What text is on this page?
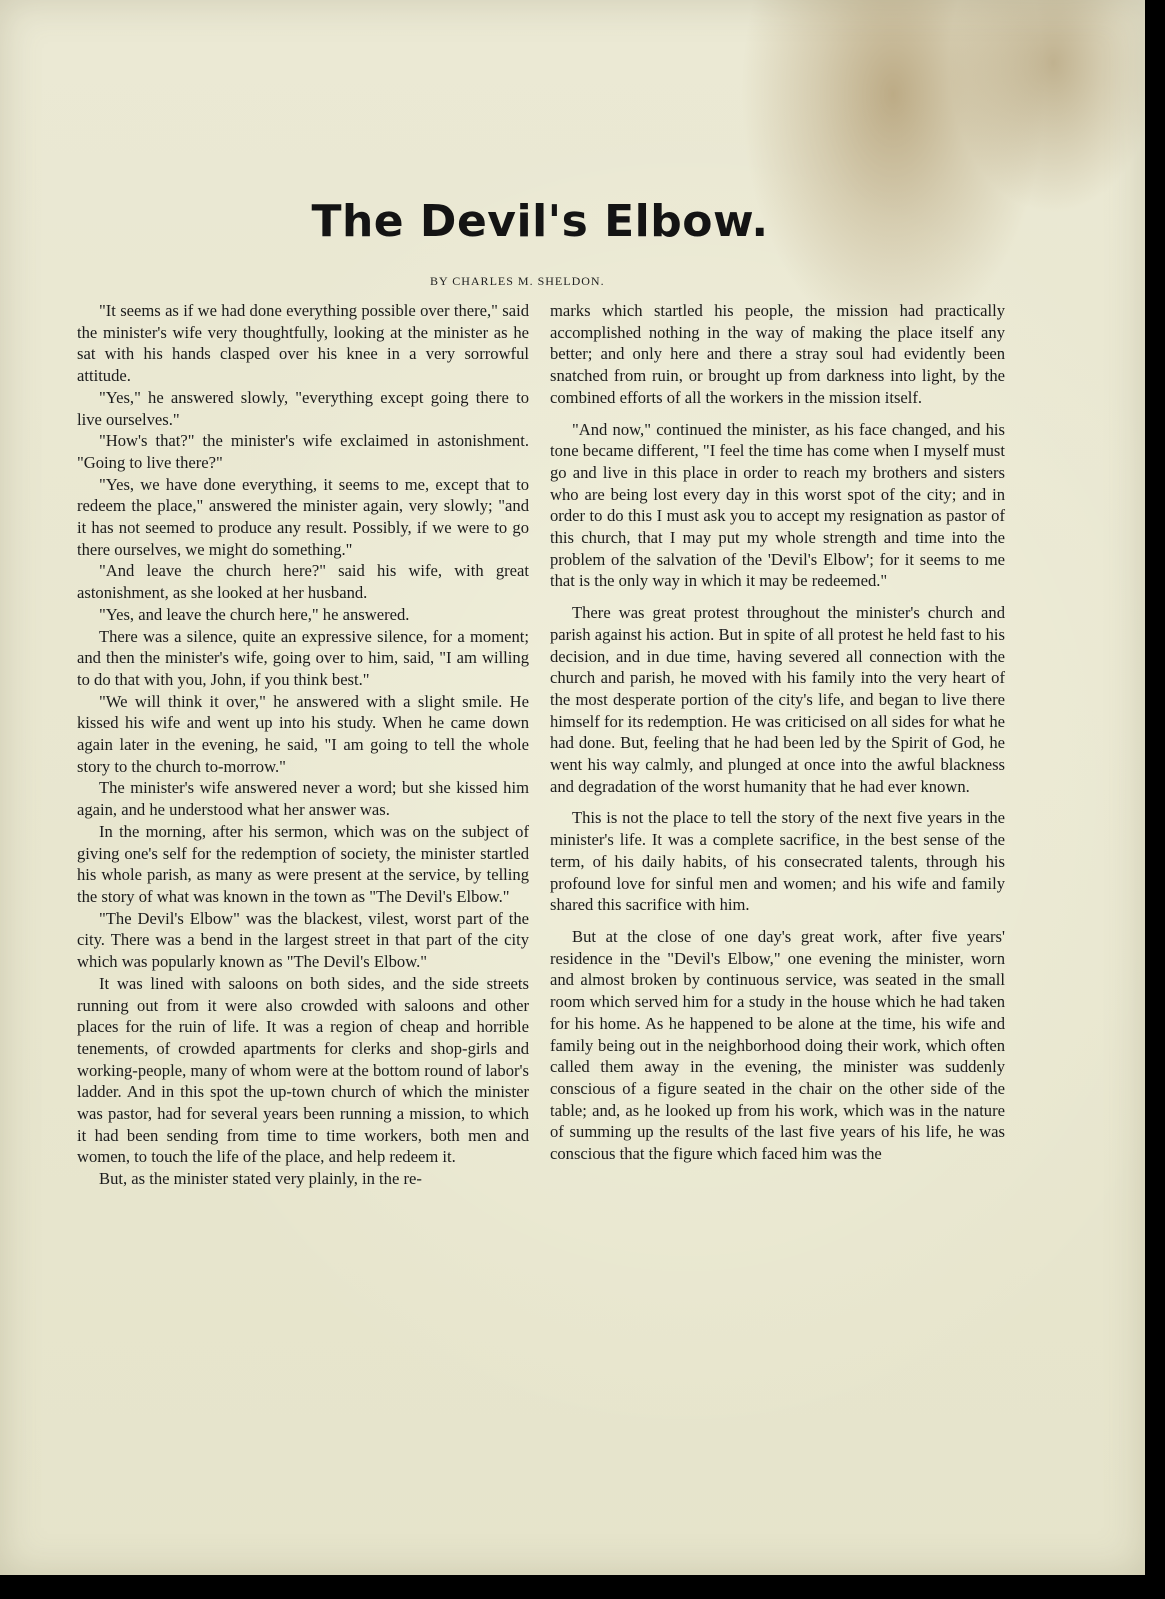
The Devil's Elbow.
BY CHARLES M. SHELDON.

"It seems as if we had done everything possible over there," said the minister's wife very thoughtfully, looking at the minister as he sat with his hands clasped over his knee in a very sorrowful attitude.

"Yes," he answered slowly, "everything except going there to live ourselves."

"How's that?" the minister's wife exclaimed in astonishment. "Going to live there?"

"Yes, we have done everything, it seems to me, except that to redeem the place," answered the minister again, very slowly; "and it has not seemed to produce any result. Possibly, if we were to go there ourselves, we might do something."

"And leave the church here?" said his wife, with great astonishment, as she looked at her husband.

"Yes, and leave the church here," he answered.

There was a silence, quite an expressive silence, for a moment; and then the minister's wife, going over to him, said, "I am willing to do that with you, John, if you think best."

"We will think it over," he answered with a slight smile. He kissed his wife and went up into his study. When he came down again later in the evening, he said, "I am going to tell the whole story to the church to-morrow."

The minister's wife answered never a word; but she kissed him again, and he understood what her answer was.

In the morning, after his sermon, which was on the subject of giving one's self for the redemption of society, the minister startled his whole parish, as many as were present at the service, by telling the story of what was known in the town as "The Devil's Elbow."

"The Devil's Elbow" was the blackest, vilest, worst part of the city. There was a bend in the largest street in that part of the city which was popularly known as "The Devil's Elbow."

It was lined with saloons on both sides, and the side streets running out from it were also crowded with saloons and other places for the ruin of life. It was a region of cheap and horrible tenements, of crowded apartments for clerks and shop-girls and working-people, many of whom were at the bottom round of labor's ladder. And in this spot the up-town church of which the minister was pastor, had for several years been running a mission, to which it had been sending from time to time workers, both men and women, to touch the life of the place, and help redeem it.

But, as the minister stated very plainly, in the re-

marks which startled his people, the mission had practically accomplished nothing in the way of making the place itself any better; and only here and there a stray soul had evidently been snatched from ruin, or brought up from darkness into light, by the combined efforts of all the workers in the mission itself.

"And now," continued the minister, as his face changed, and his tone became different, "I feel the time has come when I myself must go and live in this place in order to reach my brothers and sisters who are being lost every day in this worst spot of the city; and in order to do this I must ask you to accept my resignation as pastor of this church, that I may put my whole strength and time into the problem of the salvation of the 'Devil's Elbow'; for it seems to me that is the only way in which it may be redeemed."

There was great protest throughout the minister's church and parish against his action. But in spite of all protest he held fast to his decision, and in due time, having severed all connection with the church and parish, he moved with his family into the very heart of the most desperate portion of the city's life, and began to live there himself for its redemption. He was criticised on all sides for what he had done. But, feeling that he had been led by the Spirit of God, he went his way calmly, and plunged at once into the awful blackness and degradation of the worst humanity that he had ever known.

This is not the place to tell the story of the next five years in the minister's life. It was a complete sacrifice, in the best sense of the term, of his daily habits, of his consecrated talents, through his profound love for sinful men and women; and his wife and family shared this sacrifice with him.

But at the close of one day's great work, after five years' residence in the "Devil's Elbow," one evening the minister, worn and almost broken by continuous service, was seated in the small room which served him for a study in the house which he had taken for his home. As he happened to be alone at the time, his wife and family being out in the neighborhood doing their work, which often called them away in the evening, the minister was suddenly conscious of a figure seated in the chair on the other side of the table; and, as he looked up from his work, which was in the nature of summing up the results of the last five years of his life, he was conscious that the figure which faced him was the
